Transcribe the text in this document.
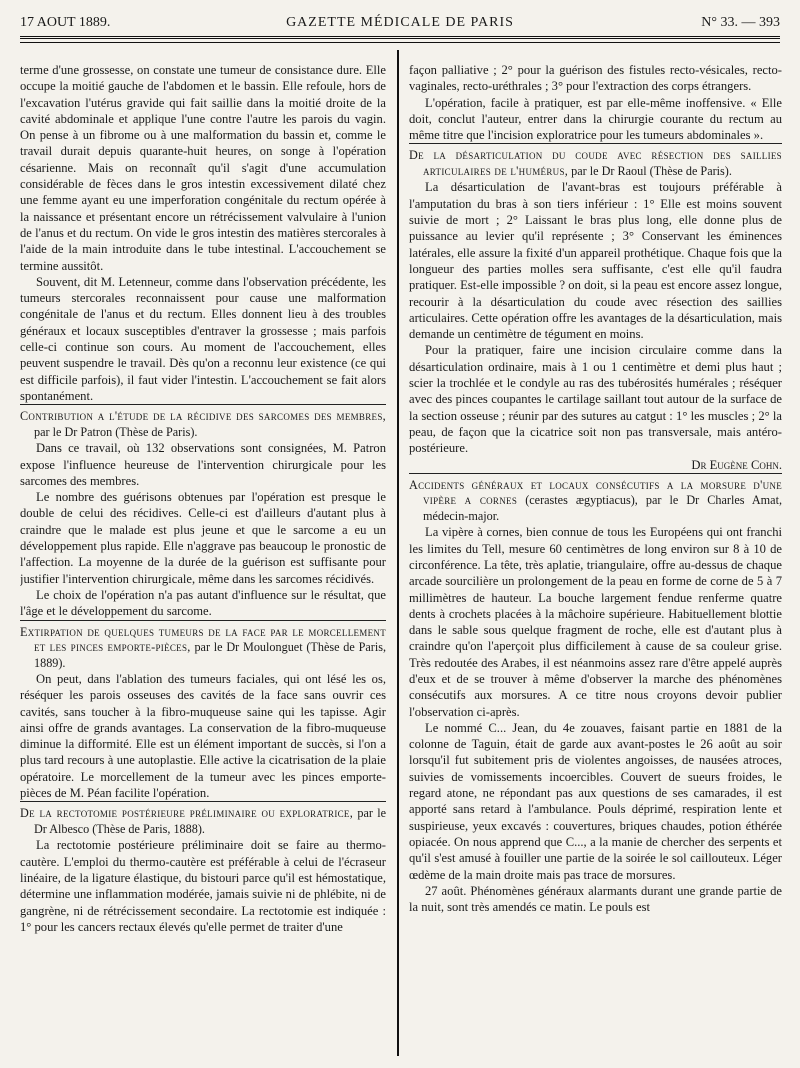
17 AOUT 1889.	GAZETTE MÉDICALE DE PARIS	N° 33. — 393

terme d'une grossesse, on constate une tumeur de consistance dure. Elle occupe la moitié gauche de l'abdomen et le bassin. Elle refoule, hors de l'excavation l'utérus gravide qui fait saillie dans la moitié droite de la cavité abdominale et applique l'une contre l'autre les parois du vagin. On pense à un fibrome ou à une malformation du bassin et, comme le travail durait depuis quarante-huit heures, on songe à l'opération césarienne. Mais on reconnaît qu'il s'agit d'une accumulation considérable de fèces dans le gros intestin excessivement dilaté chez une femme ayant eu une imperforation congénitale du rectum opérée à la naissance et présentant encore un rétrécissement valvulaire à l'union de l'anus et du rectum. On vide le gros intestin des matières stercorales à l'aide de la main introduite dans le tube intestinal. L'accouchement se termine aussitôt.

Souvent, dit M. Letenneur, comme dans l'observation précédente, les tumeurs stercorales reconnaissent pour cause une malformation congénitale de l'anus et du rectum. Elles donnent lieu à des troubles généraux et locaux susceptibles d'entraver la grossesse ; mais parfois celle-ci continue son cours. Au moment de l'accouchement, elles peuvent suspendre le travail. Dès qu'on a reconnu leur existence (ce qui est difficile parfois), il faut vider l'intestin. L'accouchement se fait alors spontanément.

Contribution a l'étude de la récidive des sarcomes des membres, par le Dr Patron (Thèse de Paris).

Dans ce travail, où 132 observations sont consignées, M. Patron expose l'influence heureuse de l'intervention chirurgicale pour les sarcomes des membres.

Le nombre des guérisons obtenues par l'opération est presque le double de celui des récidives. Celle-ci est d'ailleurs d'autant plus à craindre que le malade est plus jeune et que le sarcome a eu un développement plus rapide. Elle n'aggrave pas beaucoup le pronostic de l'affection. La moyenne de la durée de la guérison est suffisante pour justifier l'intervention chirurgicale, même dans les sarcomes récidivés.

Le choix de l'opération n'a pas autant d'influence sur le résultat, que l'âge et le développement du sarcome.

Extirpation de quelques tumeurs de la face par le morcellement et les pinces emporte-pièces, par le Dr Moulonguet (Thèse de Paris, 1889).

On peut, dans l'ablation des tumeurs faciales, qui ont lésé les os, réséquer les parois osseuses des cavités de la face sans ouvrir ces cavités, sans toucher à la fibro-muqueuse saine qui les tapisse. Agir ainsi offre de grands avantages. La conservation de la fibro-muqueuse diminue la difformité. Elle est un élément important de succès, si l'on a plus tard recours à une autoplastie. Elle active la cicatrisation de la plaie opératoire. Le morcellement de la tumeur avec les pinces emporte-pièces de M. Péan facilite l'opération.

De la rectotomie postérieure préliminaire ou exploratrice, par le Dr Albesco (Thèse de Paris, 1888).

La rectotomie postérieure préliminaire doit se faire au thermo-cautère. L'emploi du thermo-cautère est préférable à celui de l'écraseur linéaire, de la ligature élastique, du bistouri parce qu'il est hémostatique, détermine une inflammation modérée, jamais suivie ni de phlébite, ni de gangrène, ni de rétrécissement secondaire. La rectotomie est indiquée : 1° pour les cancers rectaux élevés qu'elle permet de traiter d'une

façon palliative ; 2° pour la guérison des fistules recto-vésicales, recto-vaginales, recto-uréthrales ; 3° pour l'extraction des corps étrangers.

L'opération, facile à pratiquer, est par elle-même inoffensive. « Elle doit, conclut l'auteur, entrer dans la chirurgie courante du rectum au même titre que l'incision exploratrice pour les tumeurs abdominales ».

De la désarticulation du coude avec résection des saillies articulaires de l'humérus, par le Dr Raoul (Thèse de Paris).

La désarticulation de l'avant-bras est toujours préférable à l'amputation du bras à son tiers inférieur : 1° Elle est moins souvent suivie de mort ; 2° Laissant le bras plus long, elle donne plus de puissance au levier qu'il représente ; 3° Conservant les éminences latérales, elle assure la fixité d'un appareil prothétique. Chaque fois que la longueur des parties molles sera suffisante, c'est elle qu'il faudra pratiquer. Est-elle impossible ? on doit, si la peau est encore assez longue, recourir à la désarticulation du coude avec résection des saillies articulaires. Cette opération offre les avantages de la désarticulation, mais demande un centimètre de tégument en moins.

Pour la pratiquer, faire une incision circulaire comme dans la désarticulation ordinaire, mais à 1 ou 1 centimètre et demi plus haut ; scier la trochlée et le condyle au ras des tubérosités humérales ; réséquer avec des pinces coupantes le cartilage saillant tout autour de la surface de la section osseuse ; réunir par des sutures au catgut : 1° les muscles ; 2° la peau, de façon que la cicatrice soit non pas transversale, mais antéro-postérieure.

Dr Eugène Cohn.

Accidents généraux et locaux consécutifs a la morsure d'une vipère a cornes (cerastes ægyptiacus), par le Dr Charles Amat, médecin-major.

La vipère à cornes, bien connue de tous les Européens qui ont franchi les limites du Tell, mesure 60 centimètres de long environ sur 8 à 10 de circonférence. La tête, très aplatie, triangulaire, offre au-dessus de chaque arcade sourcilière un prolongement de la peau en forme de corne de 5 à 7 millimètres de hauteur. La bouche largement fendue renferme quatre dents à crochets placées à la mâchoire supérieure. Habituellement blottie dans le sable sous quelque fragment de roche, elle est d'autant plus à craindre qu'on l'aperçoit plus difficilement à cause de sa couleur grise. Très redoutée des Arabes, il est néanmoins assez rare d'être appelé auprès d'eux et de se trouver à même d'observer la marche des phénomènes consécutifs aux morsures. A ce titre nous croyons devoir publier l'observation ci-après.

Le nommé C... Jean, du 4e zouaves, faisant partie en 1881 de la colonne de Taguin, était de garde aux avant-postes le 26 août au soir lorsqu'il fut subitement pris de violentes angoisses, de nausées atroces, suivies de vomissements incoercibles. Couvert de sueurs froides, le regard atone, ne répondant pas aux questions de ses camarades, il est apporté sans retard à l'ambulance. Pouls déprimé, respiration lente et suspirieuse, yeux excavés : couvertures, briques chaudes, potion éthérée opiacée. On nous apprend que C..., a la manie de chercher des serpents et qu'il s'est amusé à fouiller une partie de la soirée le sol caillouteux. Léger œdème de la main droite mais pas trace de morsures.

27 août. Phénomènes généraux alarmants durant une grande partie de la nuit, sont très amendés ce matin. Le pouls est
